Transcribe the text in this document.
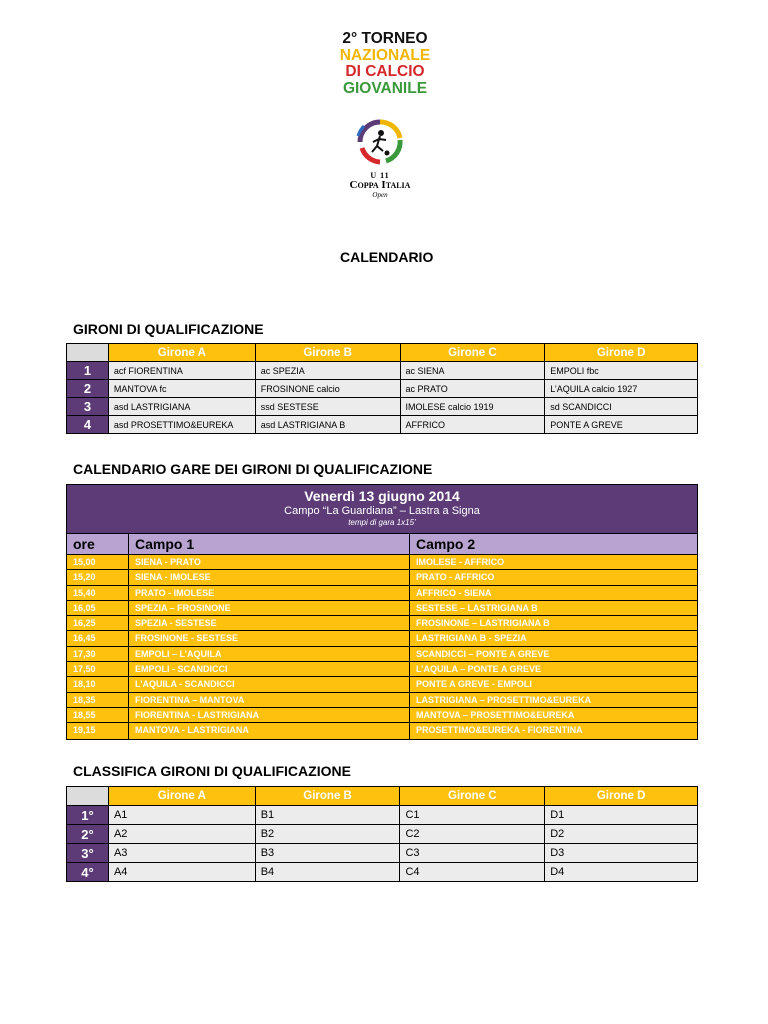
2° TORNEO
NAZIONALE
DI CALCIO
GIOVANILE
U 11
Coppa Italia
Open
CALENDARIO
GIRONI DI QUALIFICAZIONE
	Girone A	Girone B	Girone C	Girone D
1	acf FIORENTINA	ac SPEZIA	ac SIENA	EMPOLI fbc
2	MANTOVA fc	FROSINONE calcio	ac PRATO	L’AQUILA calcio 1927
3	asd LASTRIGIANA	ssd SESTESE	IMOLESE calcio 1919	sd SCANDICCI
4	asd PROSETTIMO&EUREKA	asd LASTRIGIANA B	AFFRICO	PONTE A GREVE
CALENDARIO GARE DEI GIRONI DI QUALIFICAZIONE
Venerdì 13 giugno 2014
Campo “La Guardiana” – Lastra a Signa
tempi di gara 1x15’
ore	Campo 1	Campo 2
15,00	SIENA - PRATO	IMOLESE - AFFRICO
15,20	SIENA - IMOLESE	PRATO - AFFRICO
15,40	PRATO - IMOLESE	AFFRICO - SIENA
16,05	SPEZIA – FROSINONE	SESTESE – LASTRIGIANA B
16,25	SPEZIA - SESTESE	FROSINONE – LASTRIGIANA B
16,45	FROSINONE - SESTESE	LASTRIGIANA B - SPEZIA
17,30	EMPOLI – L’AQUILA	SCANDICCI – PONTE A GREVE
17,50	EMPOLI - SCANDICCI	L’AQUILA – PONTE A GREVE
18,10	L’AQUILA - SCANDICCI	PONTE A GREVE - EMPOLI
18,35	FIORENTINA – MANTOVA	LASTRIGIANA – PROSETTIMO&EUREKA
18,55	FIORENTINA - LASTRIGIANA	MANTOVA – PROSETTIMO&EUREKA
19,15	MANTOVA - LASTRIGIANA	PROSETTIMO&EUREKA - FIORENTINA
CLASSIFICA GIRONI DI QUALIFICAZIONE
	Girone A	Girone B	Girone C	Girone D
1°	A1	B1	C1	D1
2°	A2	B2	C2	D2
3°	A3	B3	C3	D3
4°	A4	B4	C4	D4
